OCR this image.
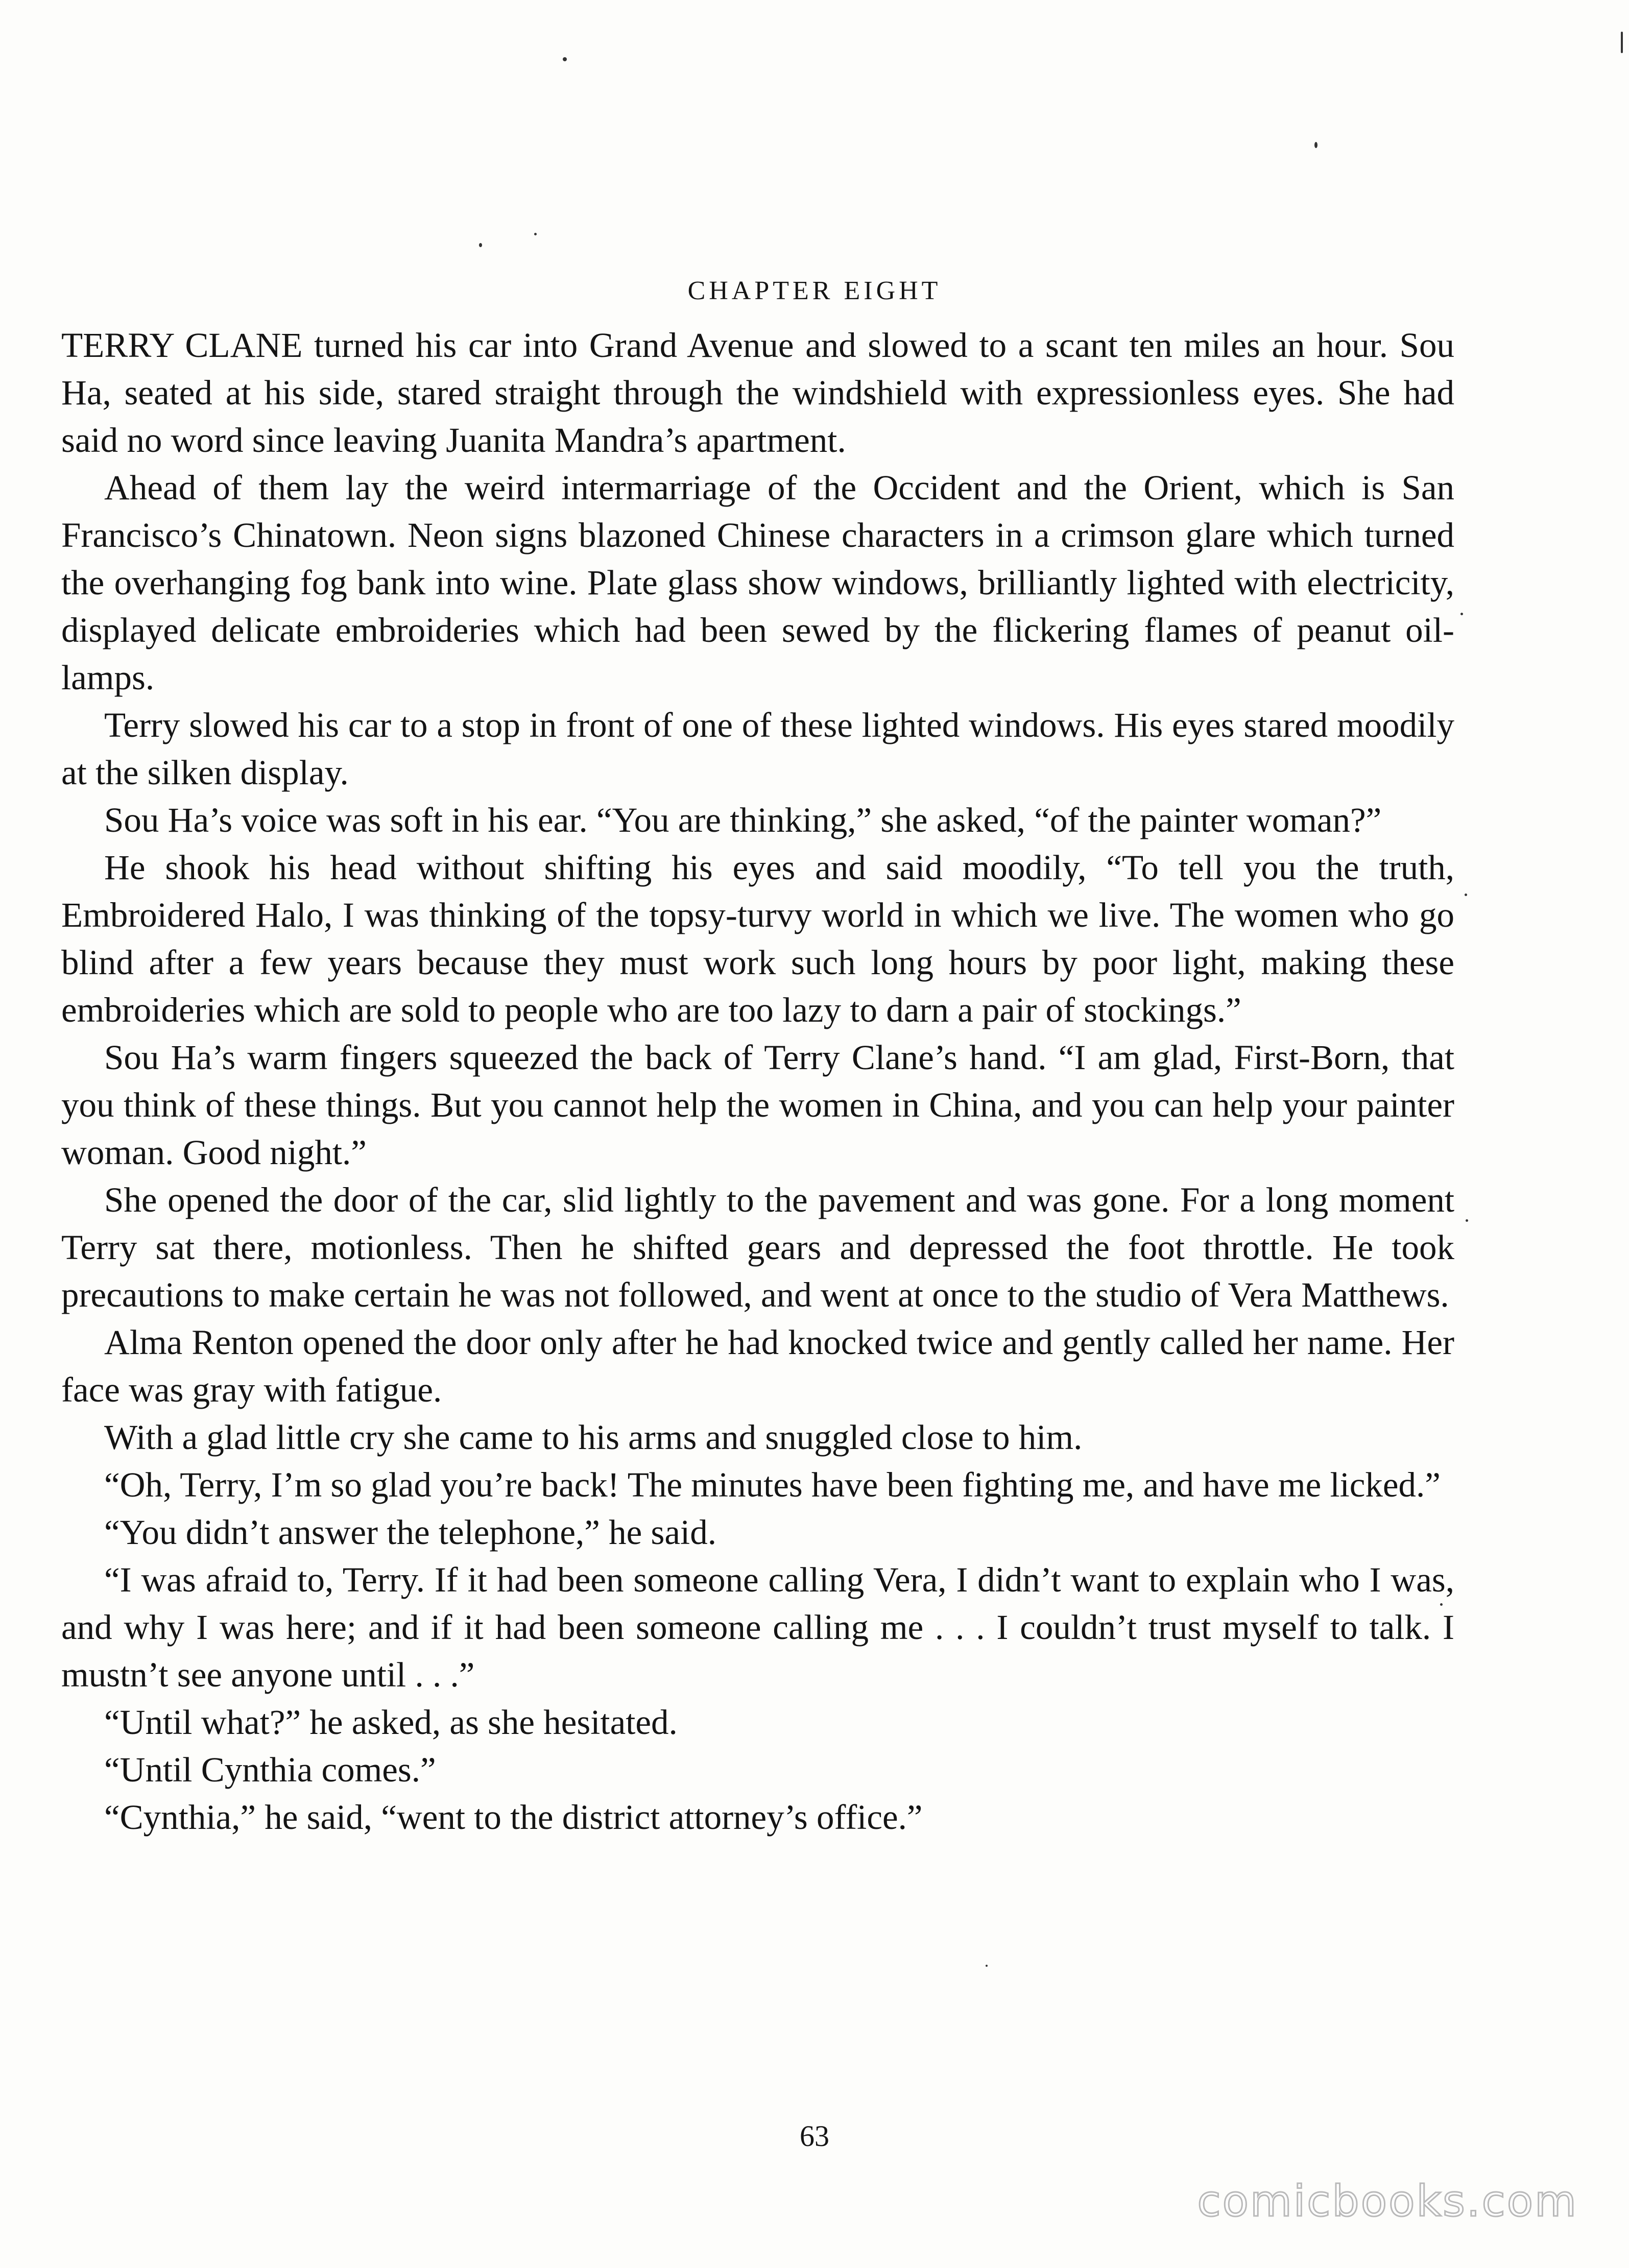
CHAPTER EIGHT

TERRY CLANE turned his car into Grand Avenue and slowed to a scant ten miles an hour. Sou Ha, seated at his side, stared straight through the windshield with expressionless eyes. She had said no word since leaving Juanita Mandra’s apartment.

Ahead of them lay the weird intermarriage of the Occident and the Orient, which is San Francisco’s Chinatown. Neon signs blazoned Chinese characters in a crimson glare which turned the overhanging fog bank into wine. Plate glass show windows, brilliantly lighted with electricity, displayed delicate embroideries which had been sewed by the flickering flames of peanut oil-lamps.

Terry slowed his car to a stop in front of one of these lighted windows. His eyes stared moodily at the silken display.

Sou Ha’s voice was soft in his ear. “You are thinking,” she asked, “of the painter woman?”

He shook his head without shifting his eyes and said moodily, “To tell you the truth, Embroidered Halo, I was thinking of the topsy-turvy world in which we live. The women who go blind after a few years because they must work such long hours by poor light, making these embroideries which are sold to people who are too lazy to darn a pair of stockings.”

Sou Ha’s warm fingers squeezed the back of Terry Clane’s hand. “I am glad, First-Born, that you think of these things. But you cannot help the women in China, and you can help your painter woman. Good night.”

She opened the door of the car, slid lightly to the pavement and was gone. For a long moment Terry sat there, motionless. Then he shifted gears and depressed the foot throttle. He took precautions to make certain he was not followed, and went at once to the studio of Vera Matthews.

Alma Renton opened the door only after he had knocked twice and gently called her name. Her face was gray with fatigue.

With a glad little cry she came to his arms and snuggled close to him.

“Oh, Terry, I’m so glad you’re back! The minutes have been fighting me, and have me licked.”

“You didn’t answer the telephone,” he said.

“I was afraid to, Terry. If it had been someone calling Vera, I didn’t want to explain who I was, and why I was here; and if it had been someone calling me . . . I couldn’t trust myself to talk. I mustn’t see anyone until . . .”

“Until what?” he asked, as she hesitated.

“Until Cynthia comes.”

“Cynthia,” he said, “went to the district attorney’s office.”

63
comicbooks.com
